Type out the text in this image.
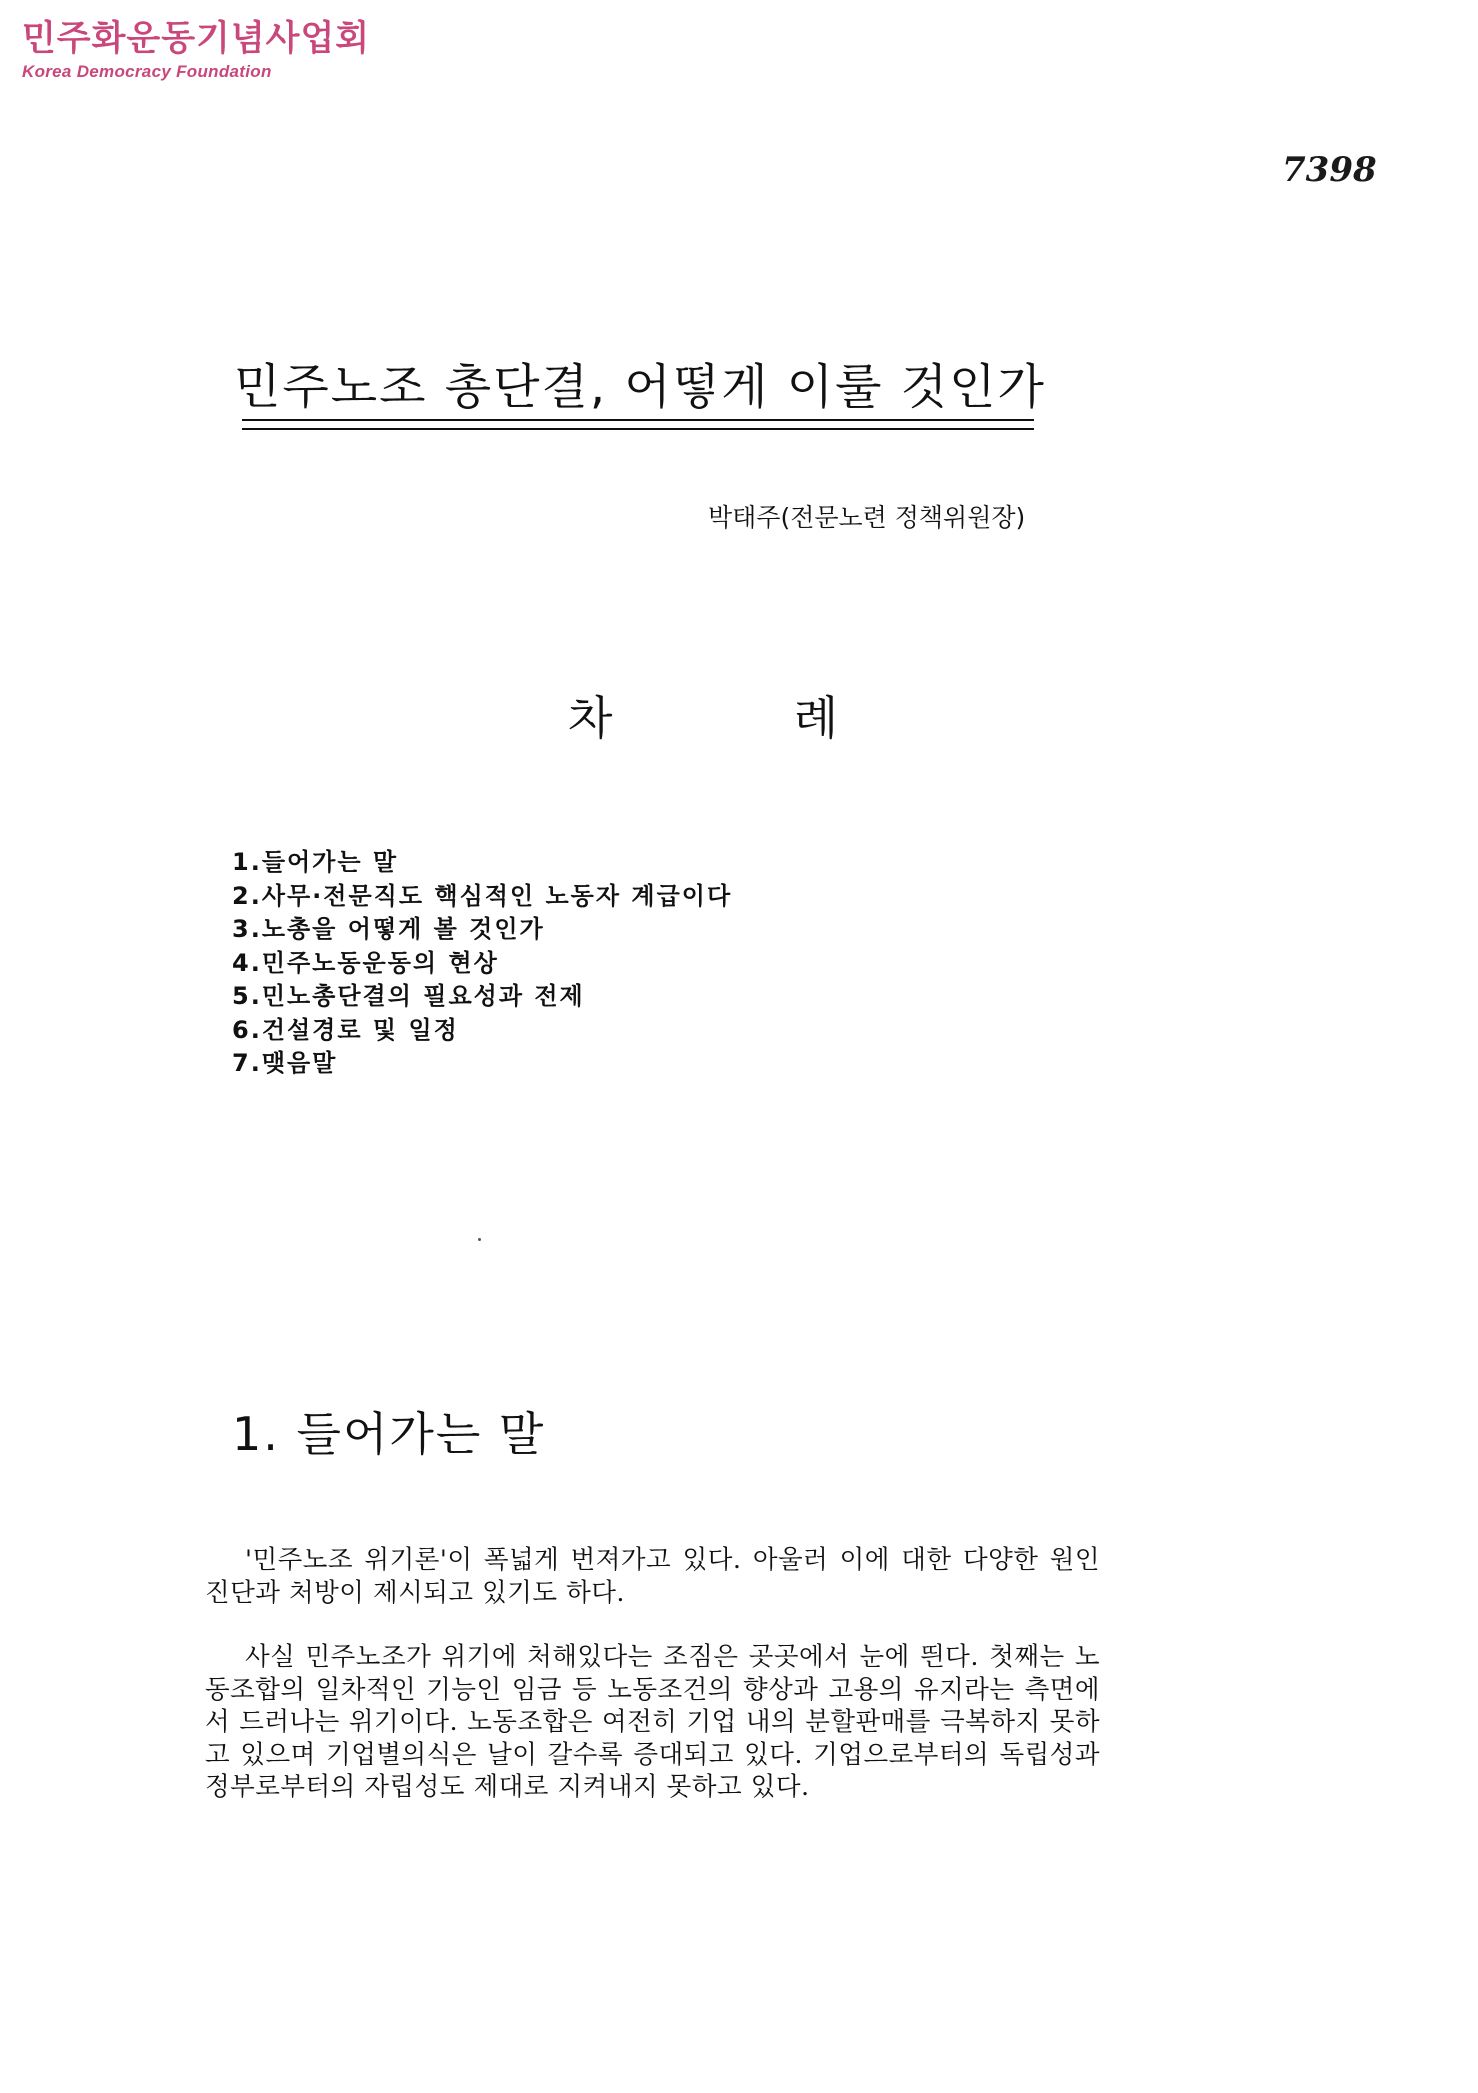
민주화운동기념사업회
Korea Democracy Foundation
7398
민주노조 총단결, 어떻게 이룰 것인가
박태주(전문노련 정책위원장)
차	례
1.들어가는 말
2.사무·전문직도 핵심적인 노동자 계급이다
3.노총을 어떻게 볼 것인가
4.민주노동운동의 현상
5.민노총단결의 필요성과 전제
6.건설경로 및 일정
7.맺음말
1. 들어가는 말

'민주노조 위기론'이 폭넓게 번져가고 있다. 아울러 이에 대한 다양한 원인 진단과 처방이 제시되고 있기도 하다.

사실 민주노조가 위기에 처해있다는 조짐은 곳곳에서 눈에 띈다. 첫째는 노동조합의 일차적인 기능인 임금 등 노동조건의 향상과 고용의 유지라는 측면에서 드러나는 위기이다. 노동조합은 여전히 기업 내의 분할판매를 극복하지 못하고 있으며 기업별의식은 날이 갈수록 증대되고 있다. 기업으로부터의 독립성과 정부로부터의 자립성도 제대로 지켜내지 못하고 있다.
